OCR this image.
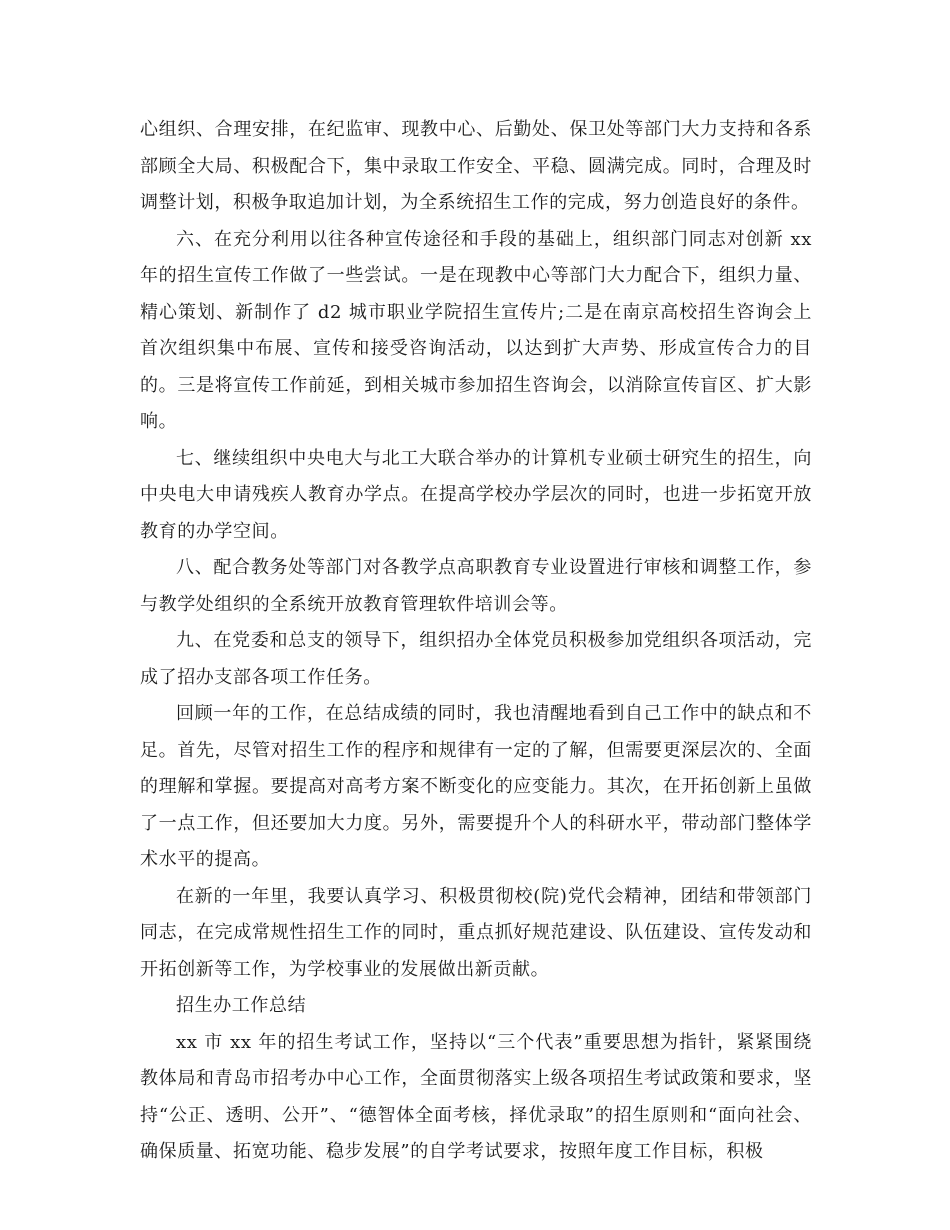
心组织、合理安排，在纪监审、现教中心、后勤处、保卫处等部门大力支持和各系部顾全大局、积极配合下，集中录取工作安全、平稳、圆满完成。同时，合理及时调整计划，积极争取追加计划，为全系统招生工作的完成，努力创造良好的条件。

六、在充分利用以往各种宣传途径和手段的基础上，组织部门同志对创新 xx 年的招生宣传工作做了一些尝试。一是在现教中心等部门大力配合下，组织力量、精心策划、新制作了 d2 城市职业学院招生宣传片;二是在南京高校招生咨询会上首次组织集中布展、宣传和接受咨询活动，以达到扩大声势、形成宣传合力的目的。三是将宣传工作前延，到相关城市参加招生咨询会，以消除宣传盲区、扩大影响。

七、继续组织中央电大与北工大联合举办的计算机专业硕士研究生的招生，向中央电大申请残疾人教育办学点。在提高学校办学层次的同时，也进一步拓宽开放教育的办学空间。

八、配合教务处等部门对各教学点高职教育专业设置进行审核和调整工作，参与教学处组织的全系统开放教育管理软件培训会等。

九、在党委和总支的领导下，组织招办全体党员积极参加党组织各项活动，完成了招办支部各项工作任务。

回顾一年的工作，在总结成绩的同时，我也清醒地看到自己工作中的缺点和不足。首先，尽管对招生工作的程序和规律有一定的了解，但需要更深层次的、全面的理解和掌握。要提高对高考方案不断变化的应变能力。其次，在开拓创新上虽做了一点工作，但还要加大力度。另外，需要提升个人的科研水平，带动部门整体学术水平的提高。

在新的一年里，我要认真学习、积极贯彻校(院)党代会精神，团结和带领部门同志，在完成常规性招生工作的同时，重点抓好规范建设、队伍建设、宣传发动和开拓创新等工作，为学校事业的发展做出新贡献。

招生办工作总结

xx 市 xx 年的招生考试工作，坚持以“三个代表”重要思想为指针，紧紧围绕教体局和青岛市招考办中心工作，全面贯彻落实上级各项招生考试政策和要求，坚持“公正、透明、公开”、“德智体全面考核，择优录取”的招生原则和“面向社会、确保质量、拓宽功能、稳步发展”的自学考试要求，按照年度工作目标，积极
